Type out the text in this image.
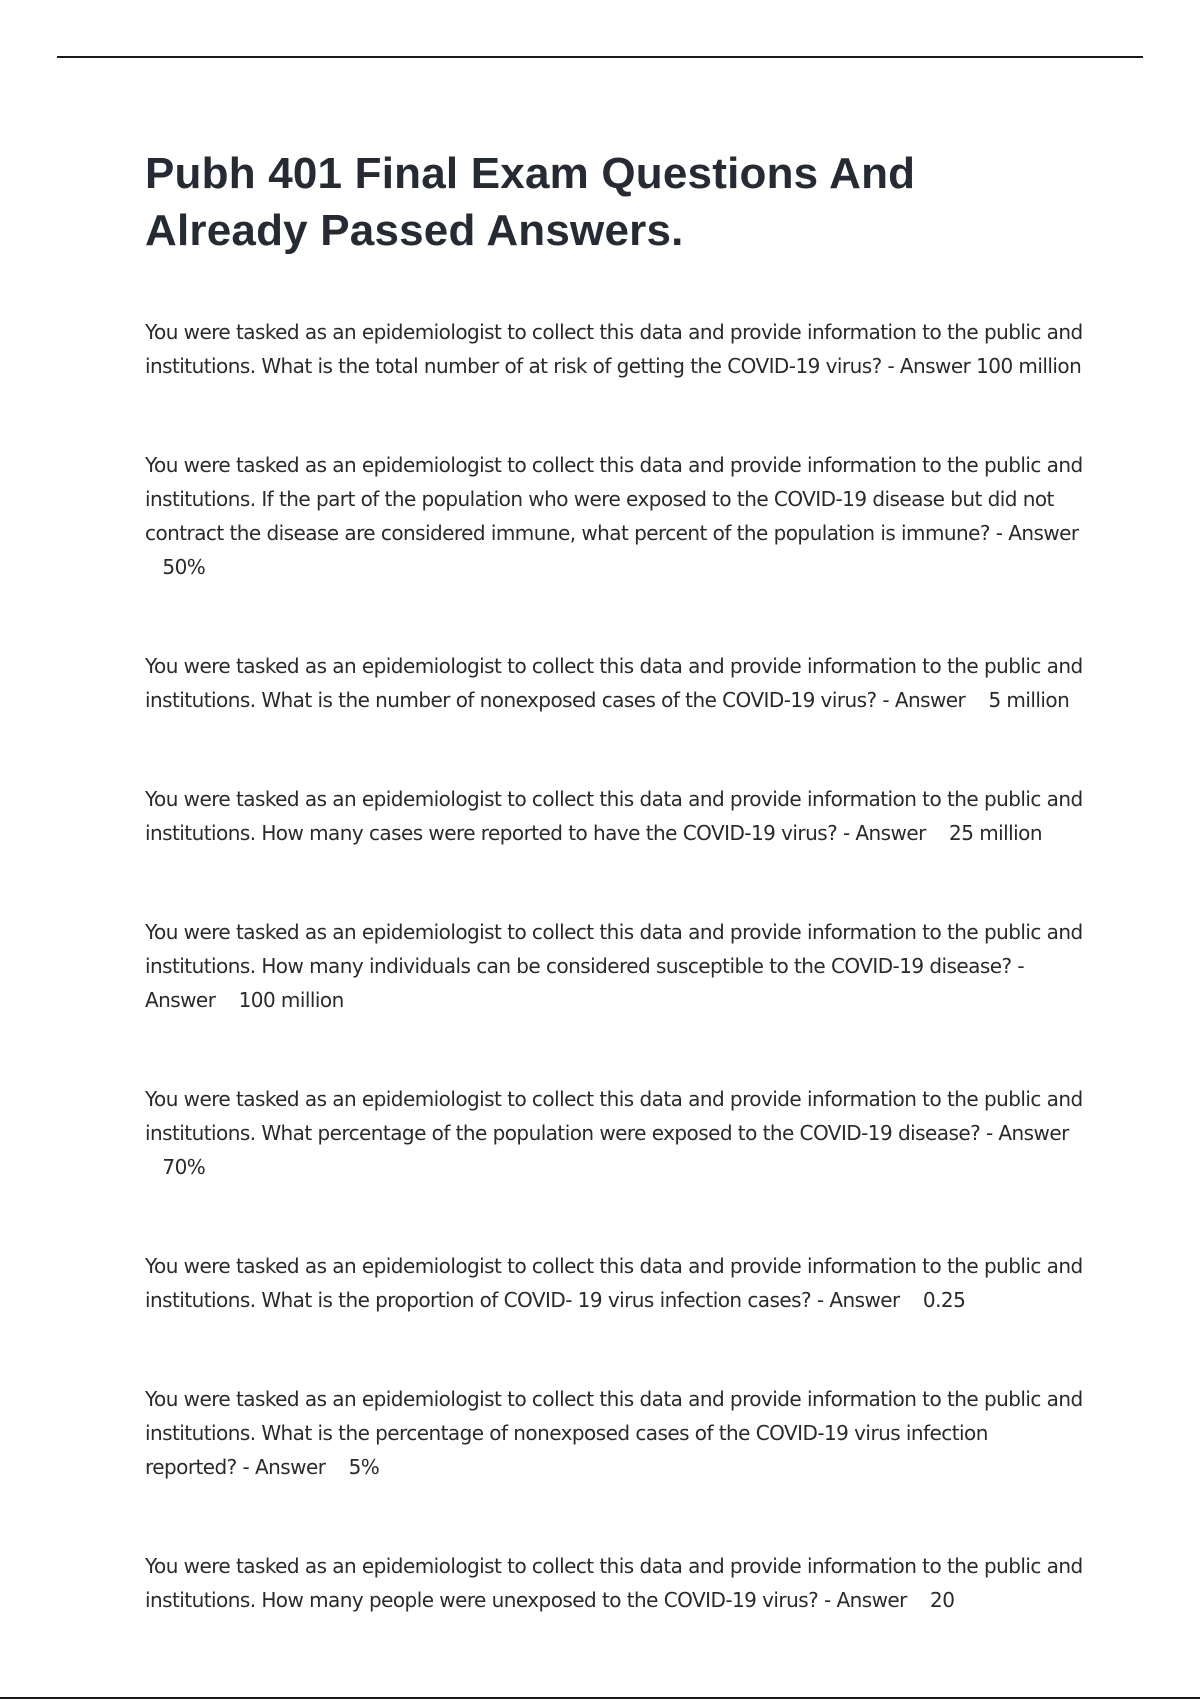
Pubh 401 Final Exam Questions And Already Passed Answers.

You were tasked as an epidemiologist to collect this data and provide information to the public and institutions. What is the total number of at risk of getting the COVID-19 virus? - Answer 100 million

You were tasked as an epidemiologist to collect this data and provide information to the public and institutions. If the part of the population who were exposed to the COVID-19 disease but did not contract the disease are considered immune, what percent of the population is immune? - Answer    50%

You were tasked as an epidemiologist to collect this data and provide information to the public and institutions. What is the number of nonexposed cases of the COVID-19 virus? - Answer    5 million

You were tasked as an epidemiologist to collect this data and provide information to the public and institutions. How many cases were reported to have the COVID-19 virus? - Answer    25 million

You were tasked as an epidemiologist to collect this data and provide information to the public and institutions. How many individuals can be considered susceptible to the COVID-19 disease? - Answer    100 million

You were tasked as an epidemiologist to collect this data and provide information to the public and institutions. What percentage of the population were exposed to the COVID-19 disease? - Answer    70%

You were tasked as an epidemiologist to collect this data and provide information to the public and institutions. What is the proportion of COVID- 19 virus infection cases? - Answer    0.25

You were tasked as an epidemiologist to collect this data and provide information to the public and institutions. What is the percentage of nonexposed cases of the COVID-19 virus infection reported? - Answer    5%

You were tasked as an epidemiologist to collect this data and provide information to the public and institutions. How many people were unexposed to the COVID-19 virus? - Answer    20
